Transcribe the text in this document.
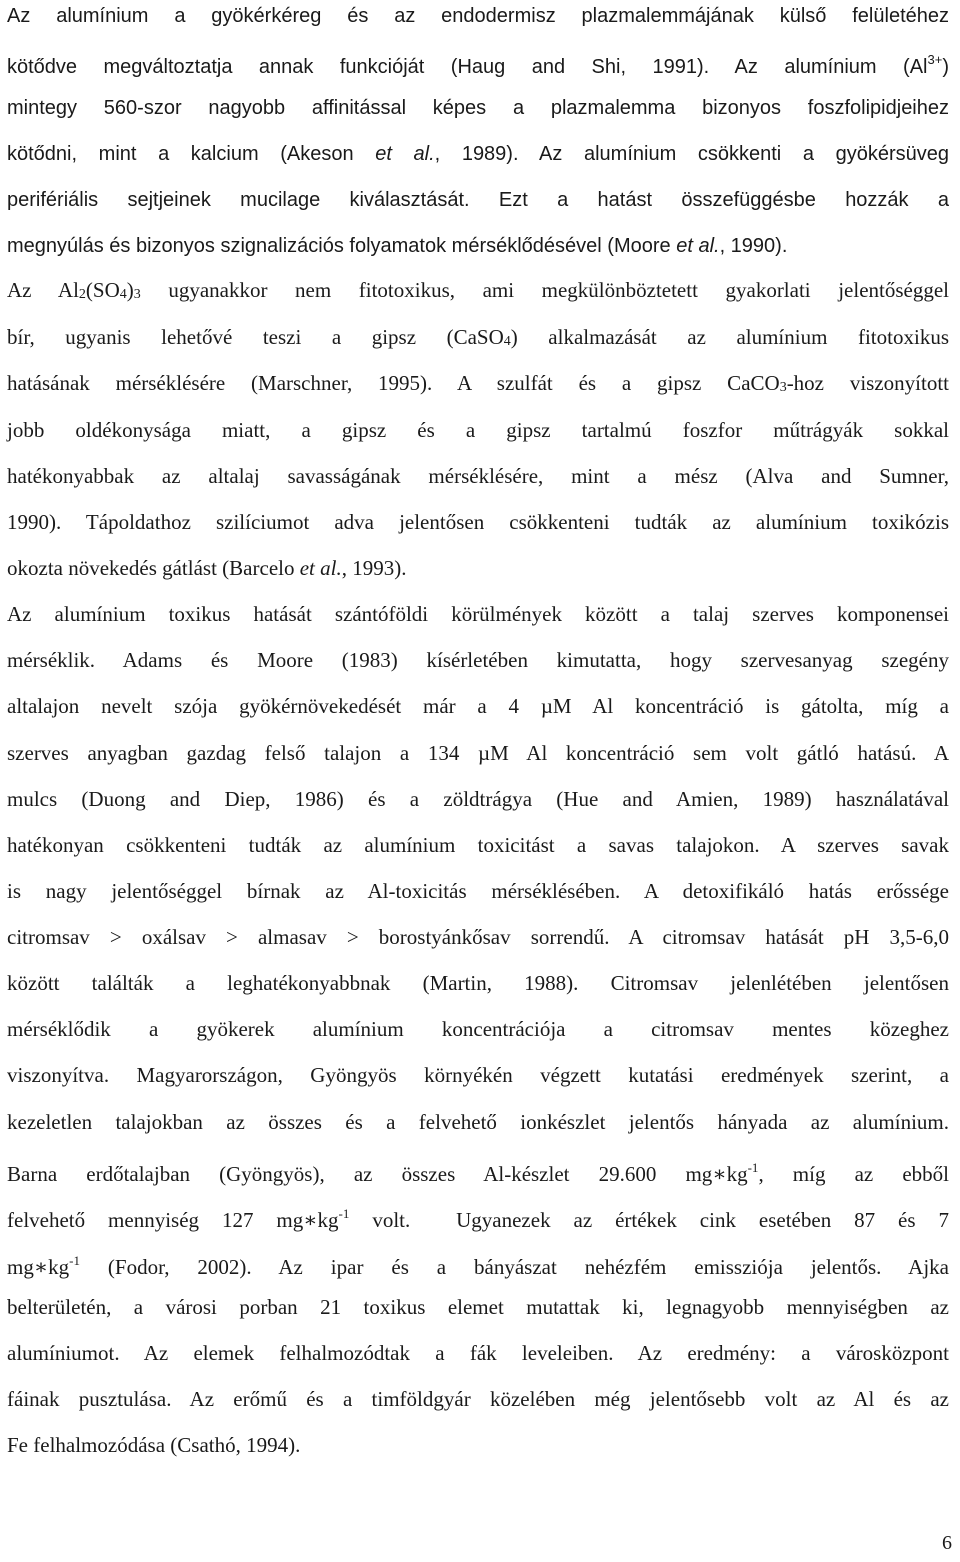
Az alumínium a gyökérkéreg és az endodermisz plazmalemmájának külső felületéhez
kötődve megváltoztatja annak funkcióját (Haug and Shi, 1991). Az alumínium $(Al^{3+})$
mintegy 560-szor nagyobb affinitással képes a plazmalemma bizonyos foszfolipidjeihez
kötődni, mint a kalcium (Akeson et al., 1989). Az alumínium csökkenti a gyökérsüveg
perifériális sejtjeinek mucilage kiválasztását. Ezt a hatást összefüggésbe hozzák a
megnyúlás és bizonyos szignalizációs folyamatok mérséklődésével (Moore et al., 1990).
Az Al2(SO4)3 ugyanakkor nem fitotoxikus, ami megkülönböztetett gyakorlati jelentőséggel
bír, ugyanis lehetővé teszi a gipsz (CaSO4) alkalmazását az alumínium fitotoxikus
hatásának mérséklésére (Marschner, 1995). A szulfát és a gipsz CaCO3-hoz viszonyított
jobb oldékonysága miatt, a gipsz és a gipsz tartalmú foszfor műtrágyák sokkal
hatékonyabbak az altalaj savasságának mérséklésére, mint a mész (Alva and Sumner,
1990). Tápoldathoz szilíciumot adva jelentősen csökkenteni tudták az alumínium toxikózis
okozta növekedés gátlást (Barcelo et al., 1993).
Az alumínium toxikus hatását szántóföldi körülmények között a talaj szerves komponensei
mérséklik. Adams és Moore (1983) kísérletében kimutatta, hogy szervesanyag szegény
altalajon nevelt szója gyökérnövekedését már a 4 µM Al koncentráció is gátolta, míg a
szerves anyagban gazdag felső talajon a 134 µM Al koncentráció sem volt gátló hatású. A
mulcs (Duong and Diep, 1986) és a zöldtrágya (Hue and Amien, 1989) használatával
hatékonyan csökkenteni tudták az alumínium toxicitást a savas talajokon. A szerves savak
is nagy jelentőséggel bírnak az Al-toxicitás mérséklésében. A detoxifikáló hatás erőssége
citromsav > oxálsav > almasav > borostyánkősav sorrendű. A citromsav hatását pH 3,5-6,0
között találták a leghatékonyabbnak (Martin, 1988). Citromsav jelenlétében jelentősen
mérséklődik a gyökerek alumínium koncentrációja a citromsav mentes közeghez
viszonyítva. Magyarországon, Gyöngyös környékén végzett kutatási eredmények szerint, a
kezeletlen talajokban az összes és a felvehető ionkészlet jelentős hányada az alumínium.
Barna erdőtalajban (Gyöngyös), az összes Al-készlet 29.600 $mg∗kg^{-1}$, míg az ebből
felvehető mennyiség 127 $mg∗kg^{-1}$ volt.  Ugyanezek az értékek cink esetében 87 és 7
$mg∗kg^{-1}$ (Fodor, 2002). Az ipar és a bányászat nehézfém emissziója jelentős. Ajka
belterületén, a városi porban 21 toxikus elemet mutattak ki, legnagyobb mennyiségben az
alumíniumot. Az elemek felhalmozódtak a fák leveleiben. Az eredmény: a városközpont
fáinak pusztulása. Az erőmű és a timföldgyár közelében még jelentősebb volt az Al és az
Fe felhalmozódása (Csathó, 1994).
6
